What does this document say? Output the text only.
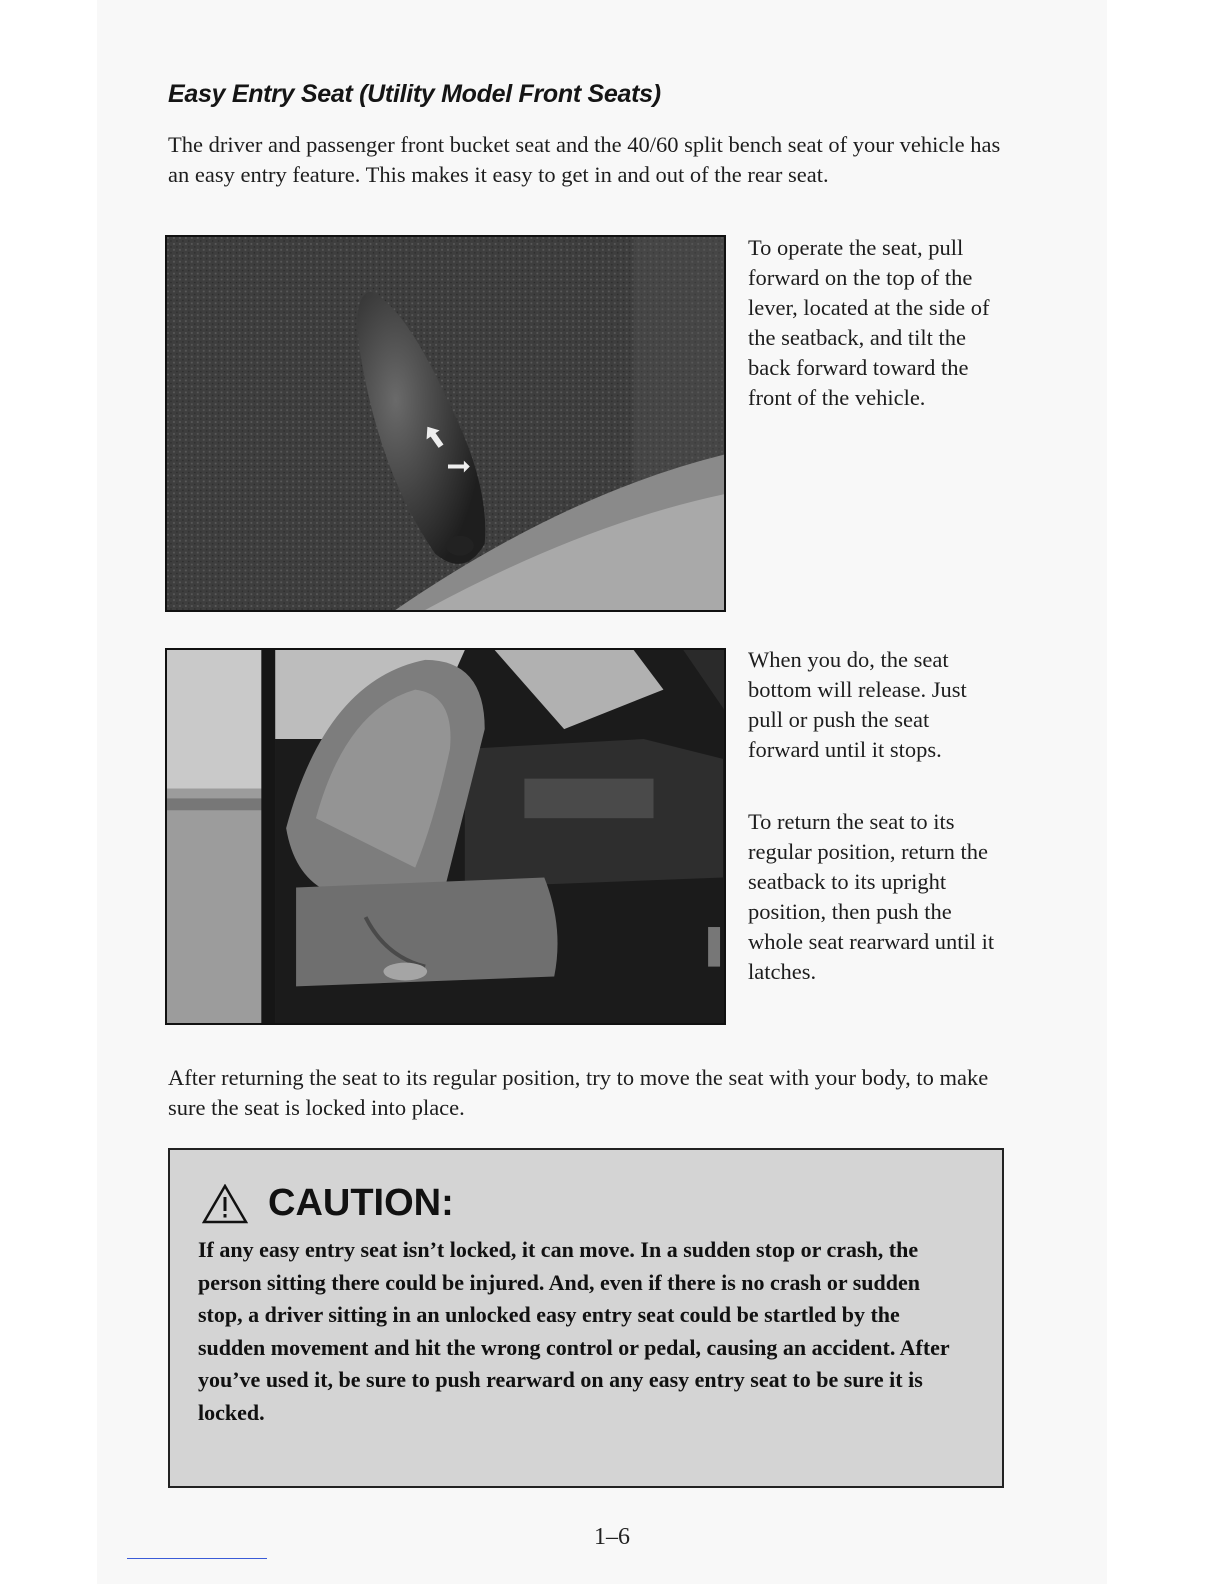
Easy Entry Seat (Utility Model Front Seats)

The driver and passenger front bucket seat and the 40/60 split bench seat of your vehicle has an easy entry feature. This makes it easy to get in and out of the rear seat.

To operate the seat, pull forward on the top of the lever, located at the side of the seatback, and tilt the back forward toward the front of the vehicle.

When you do, the seat bottom will release. Just pull or push the seat forward until it stops.

To return the seat to its regular position, return the seatback to its upright position, then push the whole seat rearward until it latches.

After returning the seat to its regular position, try to move the seat with your body, to make sure the seat is locked into place.

CAUTION:

If any easy entry seat isn’t locked, it can move. In a sudden stop or crash, the person sitting there could be injured. And, even if there is no crash or sudden stop, a driver sitting in an unlocked easy entry seat could be startled by the sudden movement and hit the wrong control or pedal, causing an accident. After you’ve used it, be sure to push rearward on any easy entry seat to be sure it is locked.

1–6
